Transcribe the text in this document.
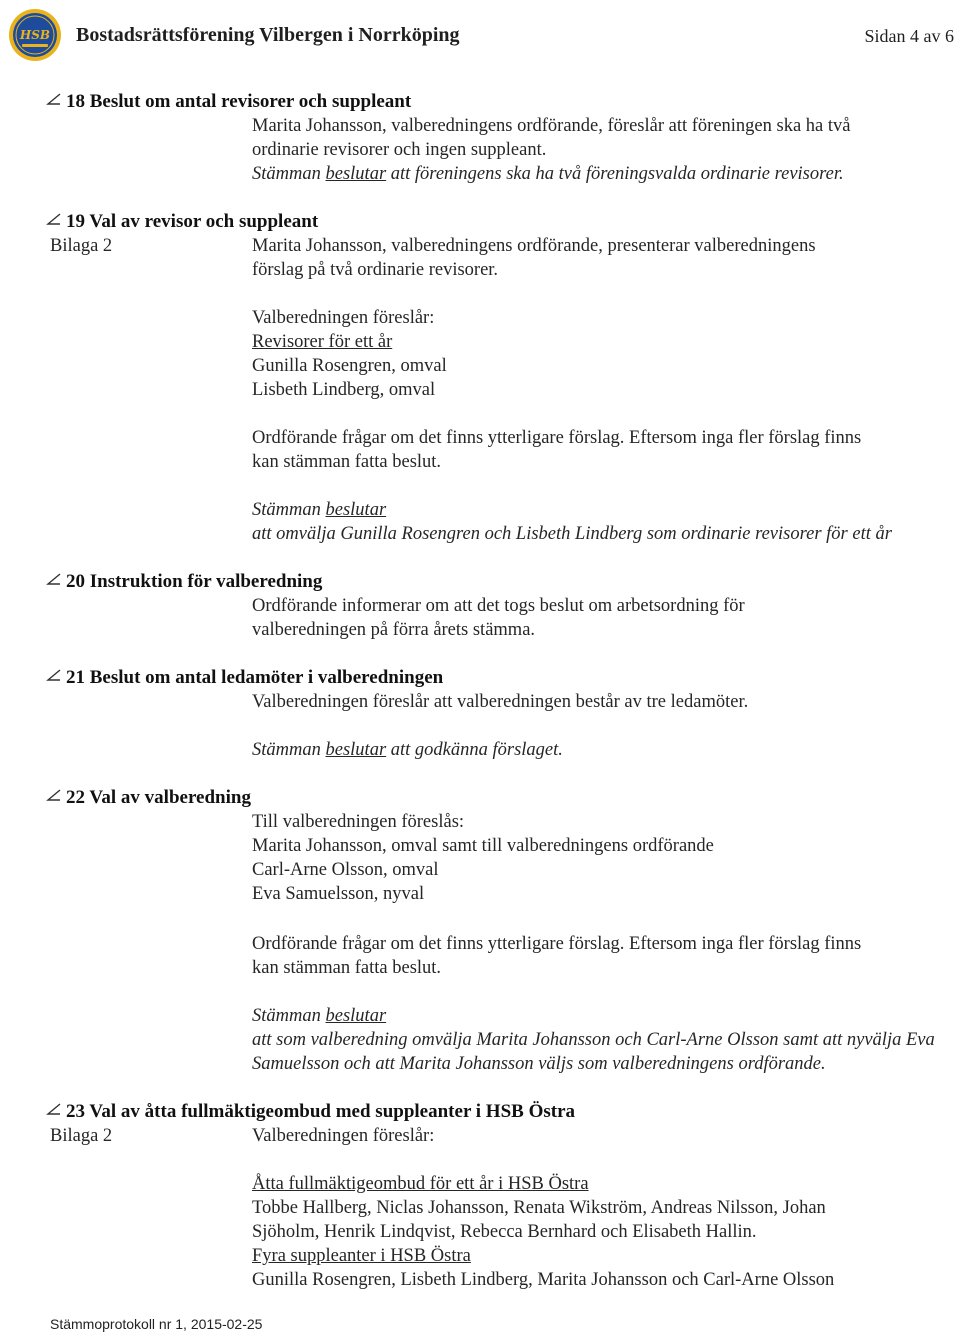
HSB Bostadsrättsförening Vilbergen i Norrköping	Sidan 4 av 6
18 Beslut om antal revisorer och suppleant
Marita Johansson, valberedningens ordförande, föreslår att föreningen ska ha två
ordinarie revisorer och ingen suppleant.
Stämman beslutar att föreningens ska ha två föreningsvalda ordinarie revisorer.
19 Val av revisor och suppleant
Bilaga 2	Marita Johansson, valberedningens ordförande, presenterar valberedningens
förslag på två ordinarie revisorer.
Valberedningen föreslår:
Revisorer för ett år
Gunilla Rosengren, omval
Lisbeth Lindberg, omval
Ordförande frågar om det finns ytterligare förslag. Eftersom inga fler förslag finns
kan stämman fatta beslut.
Stämman beslutar
att omvälja Gunilla Rosengren och Lisbeth Lindberg som ordinarie revisorer för ett år
20 Instruktion för valberedning
Ordförande informerar om att det togs beslut om arbetsordning för
valberedningen på förra årets stämma.
21 Beslut om antal ledamöter i valberedningen
Valberedningen föreslår att valberedningen består av tre ledamöter.
Stämman beslutar att godkänna förslaget.
22 Val av valberedning
Till valberedningen föreslås:
Marita Johansson, omval samt till valberedningens ordförande
Carl-Arne Olsson, omval
Eva Samuelsson, nyval
Ordförande frågar om det finns ytterligare förslag. Eftersom inga fler förslag finns
kan stämman fatta beslut.
Stämman beslutar
att som valberedning omvälja Marita Johansson och Carl-Arne Olsson samt att nyvälja Eva
Samuelsson och att Marita Johansson väljs som valberedningens ordförande.
23 Val av åtta fullmäktigeombud med suppleanter i HSB Östra
Bilaga 2	Valberedningen föreslår:
Åtta fullmäktigeombud för ett år i HSB Östra
Tobbe Hallberg, Niclas Johansson, Renata Wikström, Andreas Nilsson, Johan
Sjöholm, Henrik Lindqvist, Rebecca Bernhard och Elisabeth Hallin.
Fyra suppleanter i HSB Östra
Gunilla Rosengren, Lisbeth Lindberg, Marita Johansson och Carl-Arne Olsson
Stämmoprotokoll nr 1, 2015-02-25
